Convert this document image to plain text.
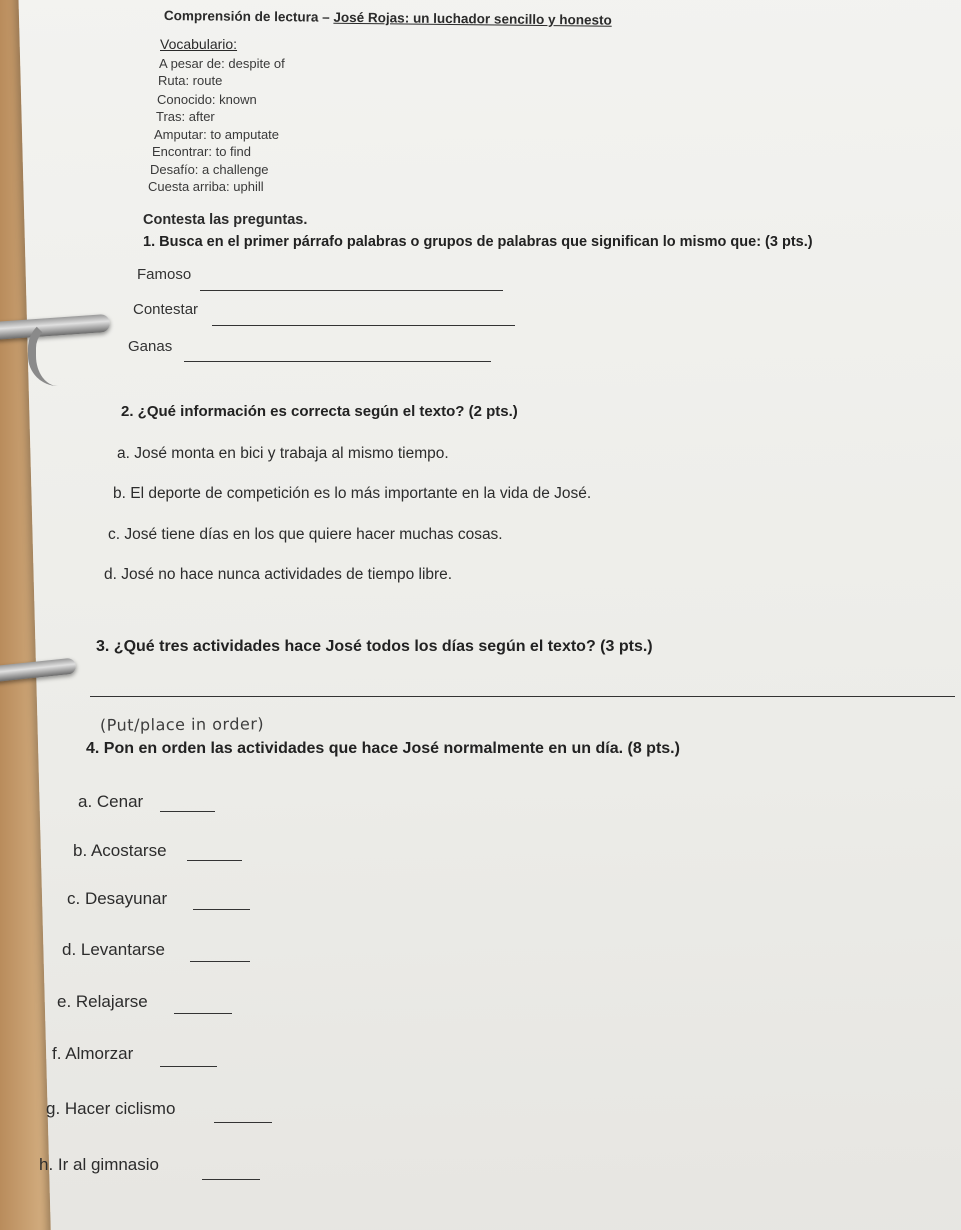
Comprensión de lectura – José Rojas: un luchador sencillo y honesto
Vocabulario:
A pesar de: despite of
Ruta: route
Conocido: known
Tras: after
Amputar: to amputate
Encontrar: to find
Desafío: a challenge
Cuesta arriba: uphill
Contesta las preguntas.
1. Busca en el primer párrafo palabras o grupos de palabras que significan lo mismo que: (3 pts.)
Famoso
Contestar
Ganas
2. ¿Qué información es correcta según el texto? (2 pts.)
a. José monta en bici y trabaja al mismo tiempo.
b. El deporte de competición es lo más importante en la vida de José.
c. José tiene días en los que quiere hacer muchas cosas.
d. José no hace nunca actividades de tiempo libre.
3. ¿Qué tres actividades hace José todos los días según el texto? (3 pts.)
(Put/place in order)
4. Pon en orden las actividades que hace José normalmente en un día. (8 pts.)
a. Cenar
b. Acostarse
c. Desayunar
d. Levantarse
e. Relajarse
f. Almorzar
g. Hacer ciclismo
h. Ir al gimnasio
